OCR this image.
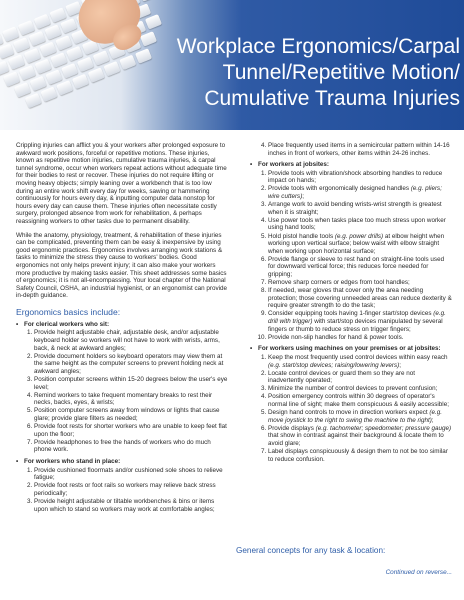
Workplace Ergonomics/Carpal Tunnel/Repetitive Motion/ Cumulative Trauma Injuries

Crippling injuries can afflict you & your workers after prolonged exposure to awkward work positions, forceful or repetitive motions. These injuries, known as repetitive motion injuries, cumulative trauma injuries, & carpal tunnel syndrome, occur when workers repeat actions without adequate time for their bodies to rest or recover. These injuries do not require lifting or moving heavy objects; simply leaning over a workbench that is too low during an entire work shift every day for weeks, sawing or hammering continuously for hours every day, & inputting computer data nonstop for hours every day can cause them. These injuries often necessitate costly surgery, prolonged absence from work for rehabilitation, & perhaps reassigning workers to other tasks due to permanent disability.

While the anatomy, physiology, treatment, & rehabilitation of these injuries can be complicated, preventing them can be easy & inexpensive by using good ergonomic practices. Ergonomics involves arranging work stations & tasks to minimize the stress they cause to workers' bodies. Good ergonomics not only helps prevent injury; it can also make your workers more productive by making tasks easier. This sheet addresses some basics of ergonomics; it is not all-encompassing. Your local chapter of the National Safety Council, OSHA, an industrial hygienist, or an ergonomist can provide in-depth guidance.

Ergonomics basics include:
• For clerical workers who sit:
1. Provide height adjustable chair, adjustable desk, and/or adjustable keyboard holder so workers will not have to work with wrists, arms, back, & neck at awkward angles;
2. Provide document holders so keyboard operators may view them at the same height as the computer screens to prevent holding neck at awkward angles;
3. Position computer screens within 15-20 degrees below the user's eye level;
4. Remind workers to take frequent momentary breaks to rest their necks, backs, eyes, & wrists;
5. Position computer screens away from windows or lights that cause glare; provide glare filters as needed;
6. Provide foot rests for shorter workers who are unable to keep feet flat upon the floor;
7. Provide headphones to free the hands of workers who do much phone work.
• For workers who stand in place:
1. Provide cushioned floormats and/or cushioned sole shoes to relieve fatigue;
2. Provide foot rests or foot rails so workers may relieve back stress periodically;
3. Provide height adjustable or tiltable workbenches & bins or items upon which to stand so workers may work at comfortable angles;
4. Place frequently used items in a semicircular pattern within 14-16 inches in front of workers, other items within 24-26 inches.
• For workers at jobsites:
1. Provide tools with vibration/shock absorbing handles to reduce impact on hands;
2. Provide tools with ergonomically designed handles (e.g. pliers; wire cutters);
3. Arrange work to avoid bending wrists-wrist strength is greatest when it is straight;
4. Use power tools when tasks place too much stress upon worker using hand tools;
5. Hold pistol handle tools (e.g. power drills) at elbow height when working upon vertical surface; below waist with elbow straight when working upon horizontal surface;
6. Provide flange or sleeve to rest hand on straight-line tools used for downward vertical force; this reduces force needed for gripping;
7. Remove sharp corners or edges from tool handles;
8. If needed, wear gloves that cover only the area needing protection; those covering unneeded areas can reduce dexterity & require greater strength to do the task;
9. Consider equipping tools having 1-finger start/stop devices (e.g. drill with trigger) with start/stop devices manipulated by several fingers or thumb to reduce stress on trigger fingers;
10. Provide non-slip handles for hand & power tools.
• For workers using machines on your premises or at jobsites:
1. Keep the most frequently used control devices within easy reach (e.g. start/stop devices; raising/lowering levers);
2. Locate control devices or guard them so they are not inadvertently operated;
3. Minimize the number of control devices to prevent confusion;
4. Position emergency controls within 30 degrees of operator's normal line of sight; make them conspicuous & easily accessible;
5. Design hand controls to move in direction workers expect (e.g. move joystick to the right to swing the machine to the right);
6. Provide displays (e.g. tachometer; speedometer; pressure gauge) that show in contrast against their background & locate them to avoid glare;
7. Label displays conspicuously & design them to not be too similar to reduce confusion.
General concepts for any task & location:
Continued on reverse...
